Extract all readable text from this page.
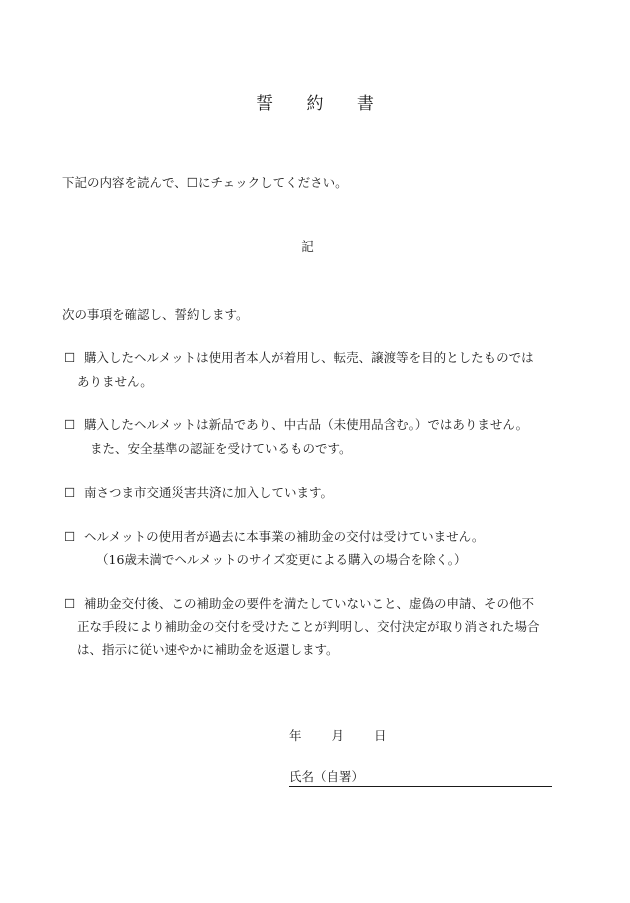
誓 約 書
下記の内容を読んで、☐にチェックしてください。
記
次の事項を確認し、誓約します。
☐ 購入したヘルメットは使用者本人が着用し、転売、譲渡等を目的としたものでは
ありません。
☐ 購入したヘルメットは新品であり、中古品（未使用品含む。）ではありません。
また、安全基準の認証を受けているものです。
☐ 南さつま市交通災害共済に加入しています。
☐ ヘルメットの使用者が過去に本事業の補助金の交付は受けていません。
（16歳未満でヘルメットのサイズ変更による購入の場合を除く。）
☐ 補助金交付後、この補助金の要件を満たしていないこと、虚偽の申請、その他不
正な手段により補助金の交付を受けたことが判明し、交付決定が取り消された場合
は、指示に従い速やかに補助金を返還します。
年 月 日
氏名（自署）
